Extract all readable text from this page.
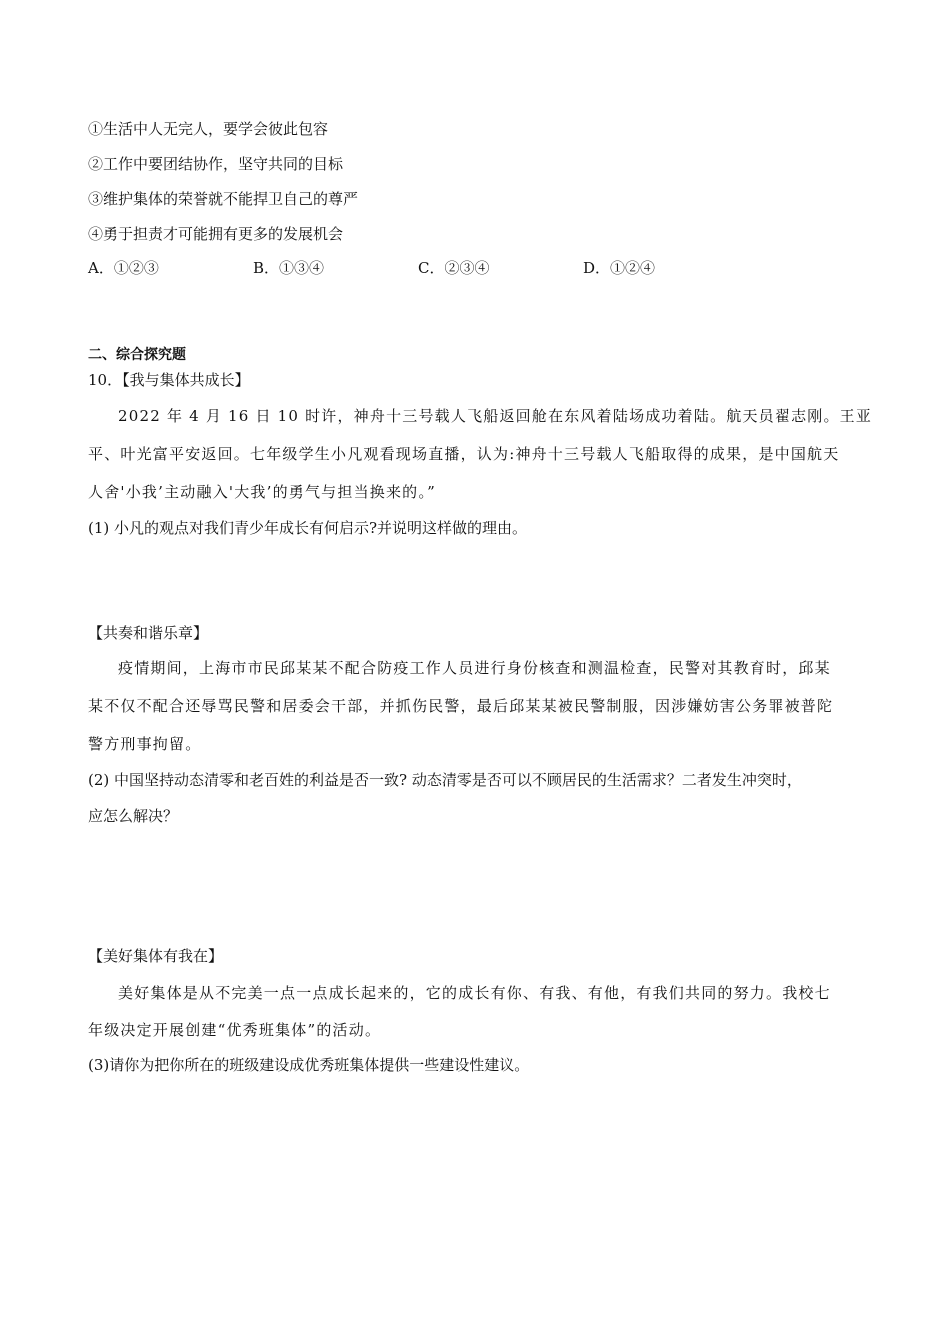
①生活中人无完人，要学会彼此包容
②工作中要团结协作，坚守共同的目标
③维护集体的荣誉就不能捍卫自己的尊严
④勇于担责才可能拥有更多的发展机会
A．①②③	B．①③④	C．②③④	D．①②④
二、综合探究题
10．【我与集体共成长】
2022 年 4 月 16 日 10 时许，神舟十三号载人飞船返回舱在东风着陆场成功着陆。航天员翟志刚。王亚
平、叶光富平安返回。七年级学生小凡观看现场直播，认为:神舟十三号载人飞船取得的成果，是中国航天
人舍'小我’主动融入'大我’的勇气与担当换来的。”
(1) 小凡的观点对我们青少年成长有何启示?并说明这样做的理由。
【共奏和谐乐章】
疫情期间，上海市市民邱某某不配合防疫工作人员进行身份核查和测温检查，民警对其教育时，邱某
某不仅不配合还辱骂民警和居委会干部，并抓伤民警，最后邱某某被民警制服，因涉嫌妨害公务罪被普陀
警方刑事拘留。
(2) 中国坚持动态清零和老百姓的利益是否一致? 动态清零是否可以不顾居民的生活需求？二者发生冲突时，
应怎么解决？
【美好集体有我在】
美好集体是从不完美一点一点成长起来的，它的成长有你、有我、有他，有我们共同的努力。我校七
年级决定开展创建“优秀班集体”的活动。
(3)请你为把你所在的班级建设成优秀班集体提供一些建设性建议。
